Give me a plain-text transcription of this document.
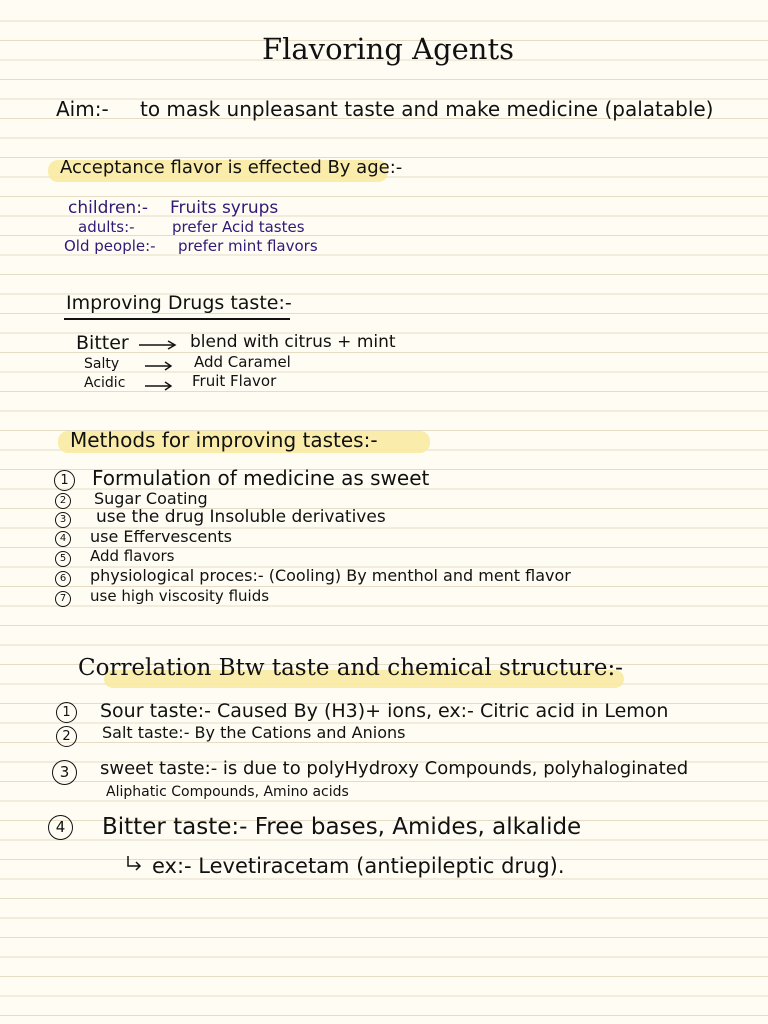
Flavoring Agents
Aim:- to mask unpleasant taste and make medicine (palatable)
Acceptance flavor is effected By age:-
children:- Fruits syrups
adults:- prefer Acid tastes
Old people:- prefer mint flavors
Improving Drugs taste:-
Bitter	blend with citrus + mint
Salty	Add Caramel
Acidic	Fruit Flavor
Methods for improving tastes:-
1	Formulation of medicine as sweet
2	Sugar Coating
3 use the drug Insoluble derivatives
4	use Effervescents
5	Add flavors
6	physiological proces:- (Cooling) By menthol and ment flavor
7	use high viscosity fluids
Correlation Btw taste and chemical structure:-
1	Sour taste:- Caused By (H3)+ ions, ex:- Citric acid in Lemon
2	Salt taste:- By the Cations and Anions
3	sweet taste:- is due to polyHydroxy Compounds, polyhaloginated
Aliphatic Compounds, Amino acids
4	Bitter taste:- Free bases, Amides, alkalide
ex:- Levetiracetam (antiepileptic drug).
